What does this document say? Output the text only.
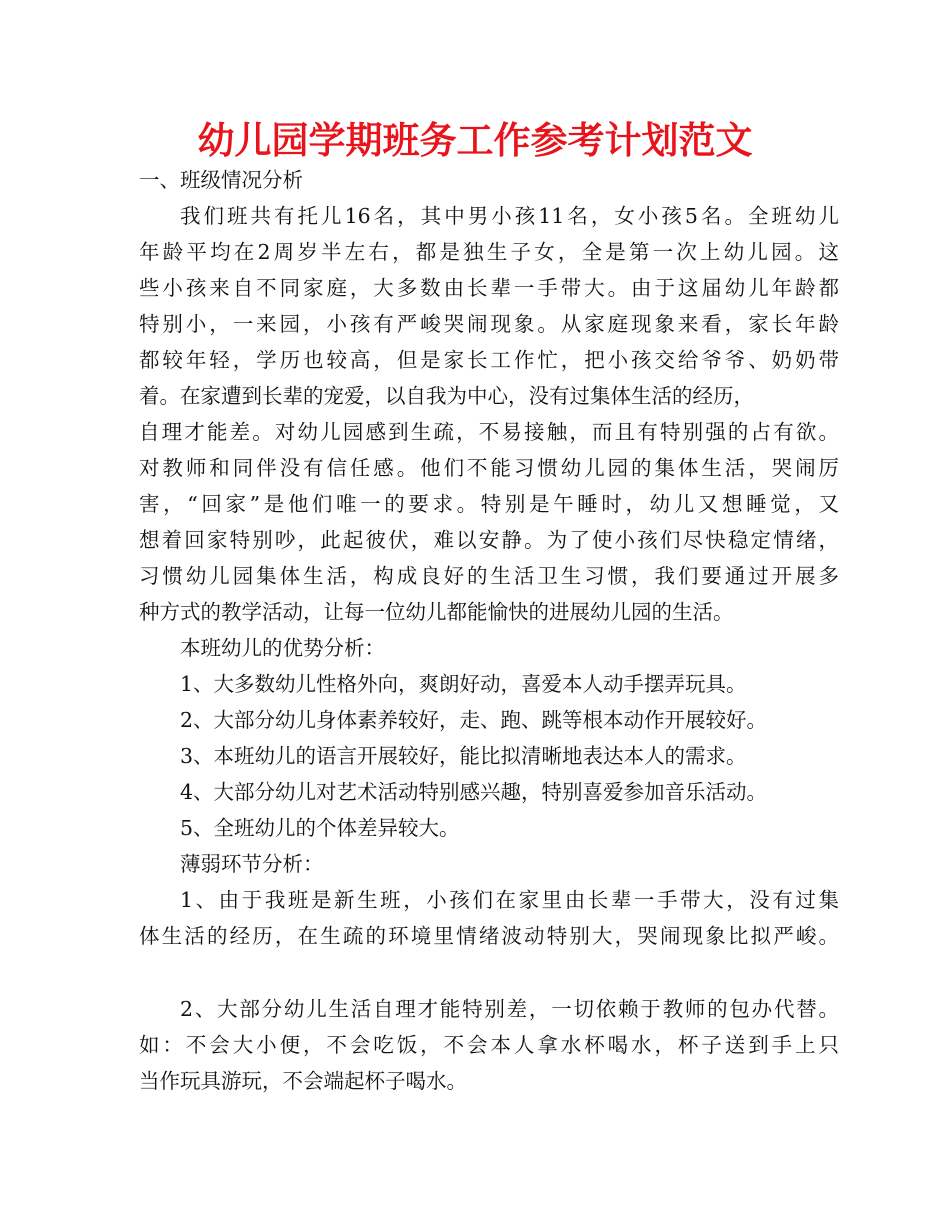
幼儿园学期班务工作参考计划范文
一、班级情况分析
我们班共有托儿16名，其中男小孩11名，女小孩5名。全班幼儿
年龄平均在2周岁半左右，都是独生子女，全是第一次上幼儿园。这
些小孩来自不同家庭，大多数由长辈一手带大。由于这届幼儿年龄都
特别小，一来园，小孩有严峻哭闹现象。从家庭现象来看，家长年龄
都较年轻，学历也较高，但是家长工作忙，把小孩交给爷爷、奶奶带
着。在家遭到长辈的宠爱，以自我为中心，没有过集体生活的经历，
自理才能差。对幼儿园感到生疏，不易接触，而且有特别强的占有欲。
对教师和同伴没有信任感。他们不能习惯幼儿园的集体生活，哭闹厉
害，“回家”是他们唯一的要求。特别是午睡时，幼儿又想睡觉，又
想着回家特别吵，此起彼伏，难以安静。为了使小孩们尽快稳定情绪，
习惯幼儿园集体生活，构成良好的生活卫生习惯，我们要通过开展多
种方式的教学活动，让每一位幼儿都能愉快的进展幼儿园的生活。
本班幼儿的优势分析：
1、大多数幼儿性格外向，爽朗好动，喜爱本人动手摆弄玩具。
2、大部分幼儿身体素养较好，走、跑、跳等根本动作开展较好。
3、本班幼儿的语言开展较好，能比拟清晰地表达本人的需求。
4、大部分幼儿对艺术活动特别感兴趣，特别喜爱参加音乐活动。
5、全班幼儿的个体差异较大。
薄弱环节分析：
1、由于我班是新生班，小孩们在家里由长辈一手带大，没有过集
体生活的经历，在生疏的环境里情绪波动特别大，哭闹现象比拟严峻。
2、大部分幼儿生活自理才能特别差，一切依赖于教师的包办代替。
如：不会大小便，不会吃饭，不会本人拿水杯喝水，杯子送到手上只
当作玩具游玩，不会端起杯子喝水。
